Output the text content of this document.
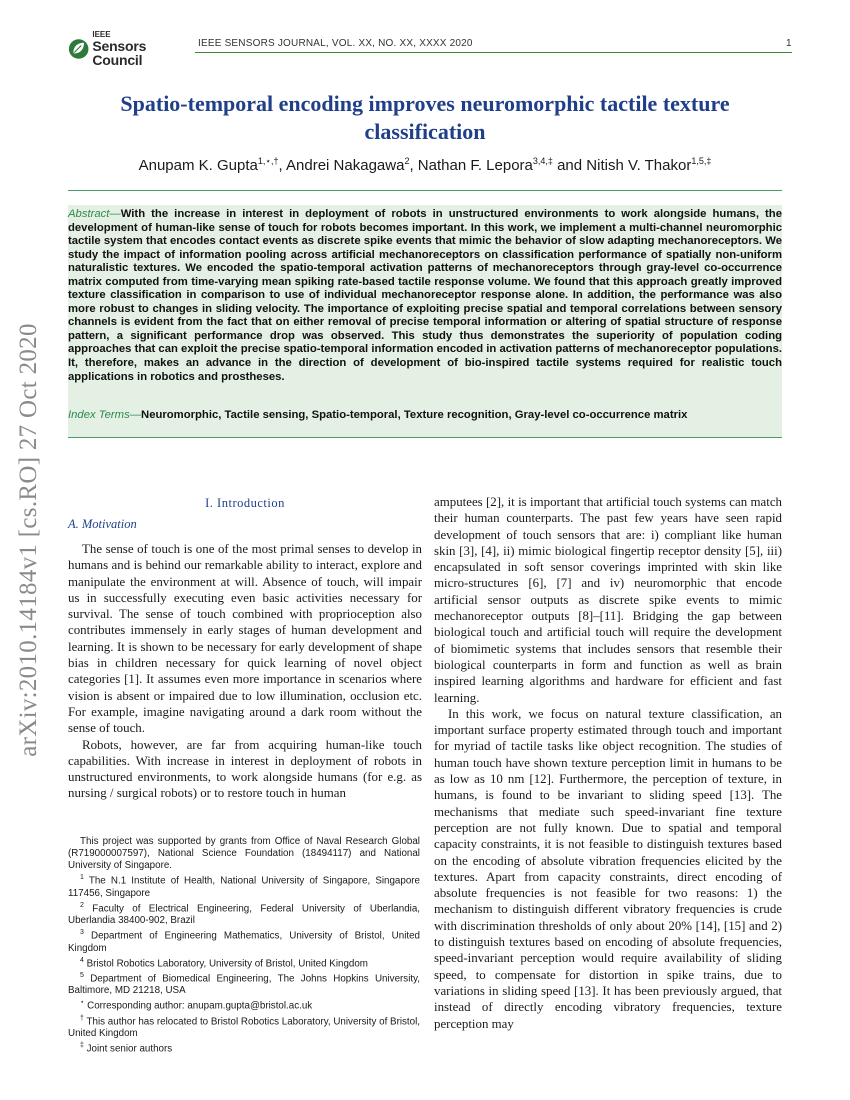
arXiv:2010.14184v1 [cs.RO] 27 Oct 2020
IEEE
Sensors Council
IEEE SENSORS JOURNAL, VOL. XX, NO. XX, XXXX 2020	1
Spatio-temporal encoding improves neuromorphic tactile texture classification
Anupam K. Gupta$^{1,⋆,\dagger}$, Andrei Nakagawa$^2$, Nathan F. Lepora$^{3,4,\ddagger}$ and Nitish V. Thakor$^{1,5,\ddagger}$
Abstract—With the increase in interest in deployment of robots in unstructured environments to work alongside humans, the development of human-like sense of touch for robots becomes important. In this work, we implement a multi-channel neuromorphic tactile system that encodes contact events as discrete spike events that mimic the behavior of slow adapting mechanoreceptors. We study the impact of information pooling across artificial mechanoreceptors on classification performance of spatially non-uniform naturalistic textures. We encoded the spatio-temporal activation patterns of mechanoreceptors through gray-level co-occurrence matrix computed from time-varying mean spiking rate-based tactile response volume. We found that this approach greatly improved texture classification in comparison to use of individual mechanoreceptor response alone. In addition, the performance was also more robust to changes in sliding velocity. The importance of exploiting precise spatial and temporal correlations between sensory channels is evident from the fact that on either removal of precise temporal information or altering of spatial structure of response pattern, a significant performance drop was observed. This study thus demonstrates the superiority of population coding approaches that can exploit the precise spatio-temporal information encoded in activation patterns of mechanoreceptor populations. It, therefore, makes an advance in the direction of development of bio-inspired tactile systems required for realistic touch applications in robotics and prostheses.
Index Terms—Neuromorphic, Tactile sensing, Spatio-temporal, Texture recognition, Gray-level co-occurrence matrix
I. Introduction
A. Motivation

The sense of touch is one of the most primal senses to develop in humans and is behind our remarkable ability to interact, explore and manipulate the environment at will. Absence of touch, will impair us in successfully executing even basic activities necessary for survival. The sense of touch combined with proprioception also contributes immensely in early stages of human development and learning. It is shown to be necessary for early development of shape bias in children necessary for quick learning of novel object categories [1]. It assumes even more importance in scenarios where vision is absent or impaired due to low illumination, occlusion etc. For example, imagine navigating around a dark room without the sense of touch.

Robots, however, are far from acquiring human-like touch capabilities. With increase in interest in deployment of robots in unstructured environments, to work alongside humans (for e.g. as nursing / surgical robots) or to restore touch in human

amputees [2], it is important that artificial touch systems can match their human counterparts. The past few years have seen rapid development of touch sensors that are: i) compliant like human skin [3], [4], ii) mimic biological fingertip receptor density [5], iii) encapsulated in soft sensor coverings imprinted with skin like micro-structures [6], [7] and iv) neuromorphic that encode artificial sensor outputs as discrete spike events to mimic mechanoreceptor outputs [8]–[11]. Bridging the gap between biological touch and artificial touch will require the development of biomimetic systems that includes sensors that resemble their biological counterparts in form and function as well as brain inspired learning algorithms and hardware for efficient and fast learning.

In this work, we focus on natural texture classification, an important surface property estimated through touch and important for myriad of tactile tasks like object recognition. The studies of human touch have shown texture perception limit in humans to be as low as 10 nm [12]. Furthermore, the perception of texture, in humans, is found to be invariant to sliding speed [13]. The mechanisms that mediate such speed-invariant fine texture perception are not fully known. Due to spatial and temporal capacity constraints, it is not feasible to distinguish textures based on the encoding of absolute vibration frequencies elicited by the textures. Apart from capacity constraints, direct encoding of absolute frequencies is not feasible for two reasons: 1) the mechanism to distinguish different vibratory frequencies is crude with discrimination thresholds of only about 20% [14], [15] and 2) to distinguish textures based on encoding of absolute frequencies, speed-invariant perception would require availability of sliding speed, to compensate for distortion in spike trains, due to variations in sliding speed [13]. It has been previously argued, that instead of directly encoding vibratory frequencies, texture perception may

This project was supported by grants from Office of Naval Research Global (R719000007597), National Science Foundation (18494117) and National University of Singapore.

$^1$ The N.1 Institute of Health, National University of Singapore, Singapore 117456, Singapore

$^2$ Faculty of Electrical Engineering, Federal University of Uberlandia, Uberlandia 38400-902, Brazil

$^3$ Department of Engineering Mathematics, University of Bristol, United Kingdom

$^4$ Bristol Robotics Laboratory, University of Bristol, United Kingdom

$^5$ Department of Biomedical Engineering, The Johns Hopkins University, Baltimore, MD 21218, USA

⋆ Corresponding author: anupam.gupta@bristol.ac.uk

† This author has relocated to Bristol Robotics Laboratory, University of Bristol, United Kingdom

‡ Joint senior authors
